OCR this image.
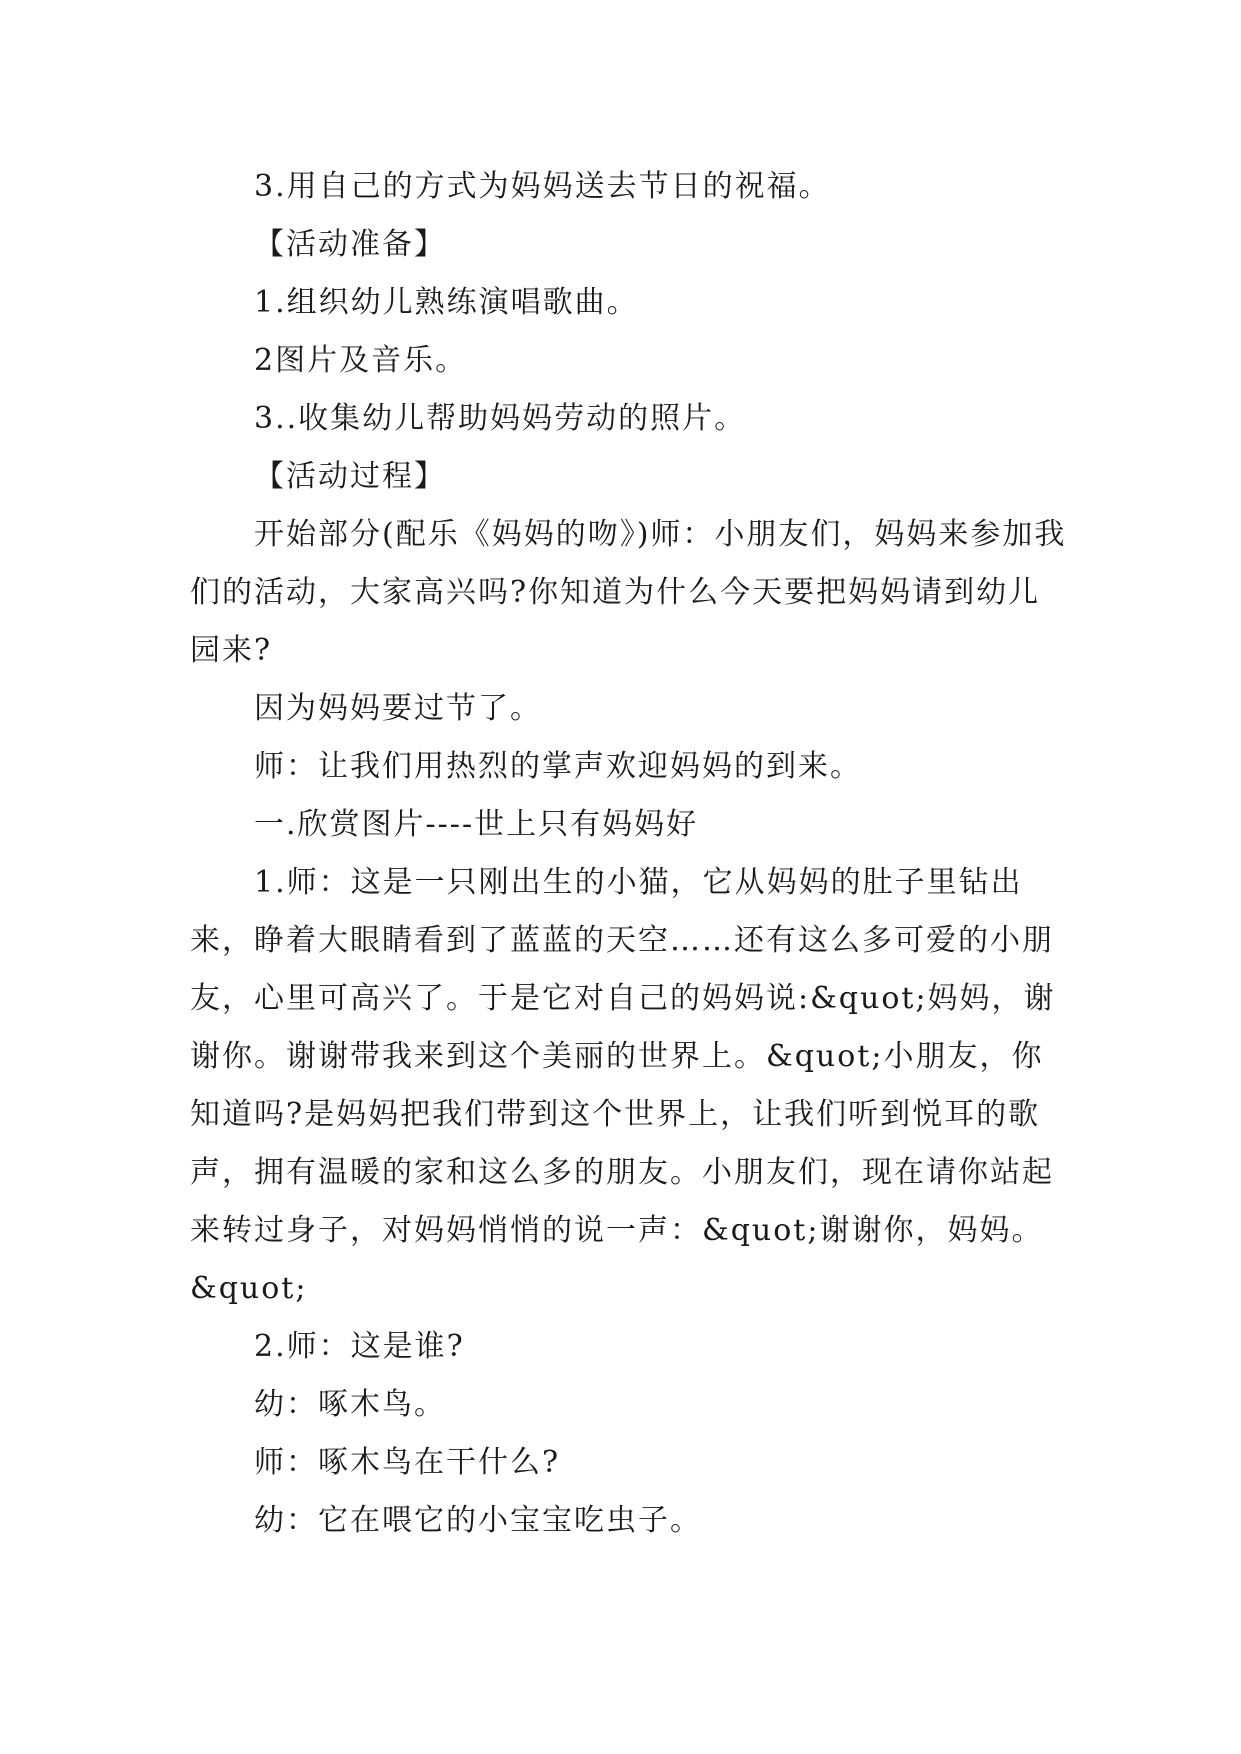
3.用自己的方式为妈妈送去节日的祝福。

【活动准备】

1.组织幼儿熟练演唱歌曲。

2图片及音乐。

3..收集幼儿帮助妈妈劳动的照片。

【活动过程】

开始部分(配乐《妈妈的吻》)师：小朋友们，妈妈来参加我们的活动，大家高兴吗?你知道为什么今天要把妈妈请到幼儿园来?

因为妈妈要过节了。

师：让我们用热烈的掌声欢迎妈妈的到来。

一.欣赏图片----世上只有妈妈好

1.师：这是一只刚出生的小猫，它从妈妈的肚子里钻出来，睁着大眼睛看到了蓝蓝的天空……还有这么多可爱的小朋友，心里可高兴了。于是它对自己的妈妈说:&quot;妈妈，谢谢你。谢谢带我来到这个美丽的世界上。&quot;小朋友，你知道吗?是妈妈把我们带到这个世界上，让我们听到悦耳的歌声，拥有温暖的家和这么多的朋友。小朋友们，现在请你站起来转过身子，对妈妈悄悄的说一声：&quot;谢谢你，妈妈。&quot;

2.师：这是谁?

幼：啄木鸟。

师：啄木鸟在干什么?

幼：它在喂它的小宝宝吃虫子。
